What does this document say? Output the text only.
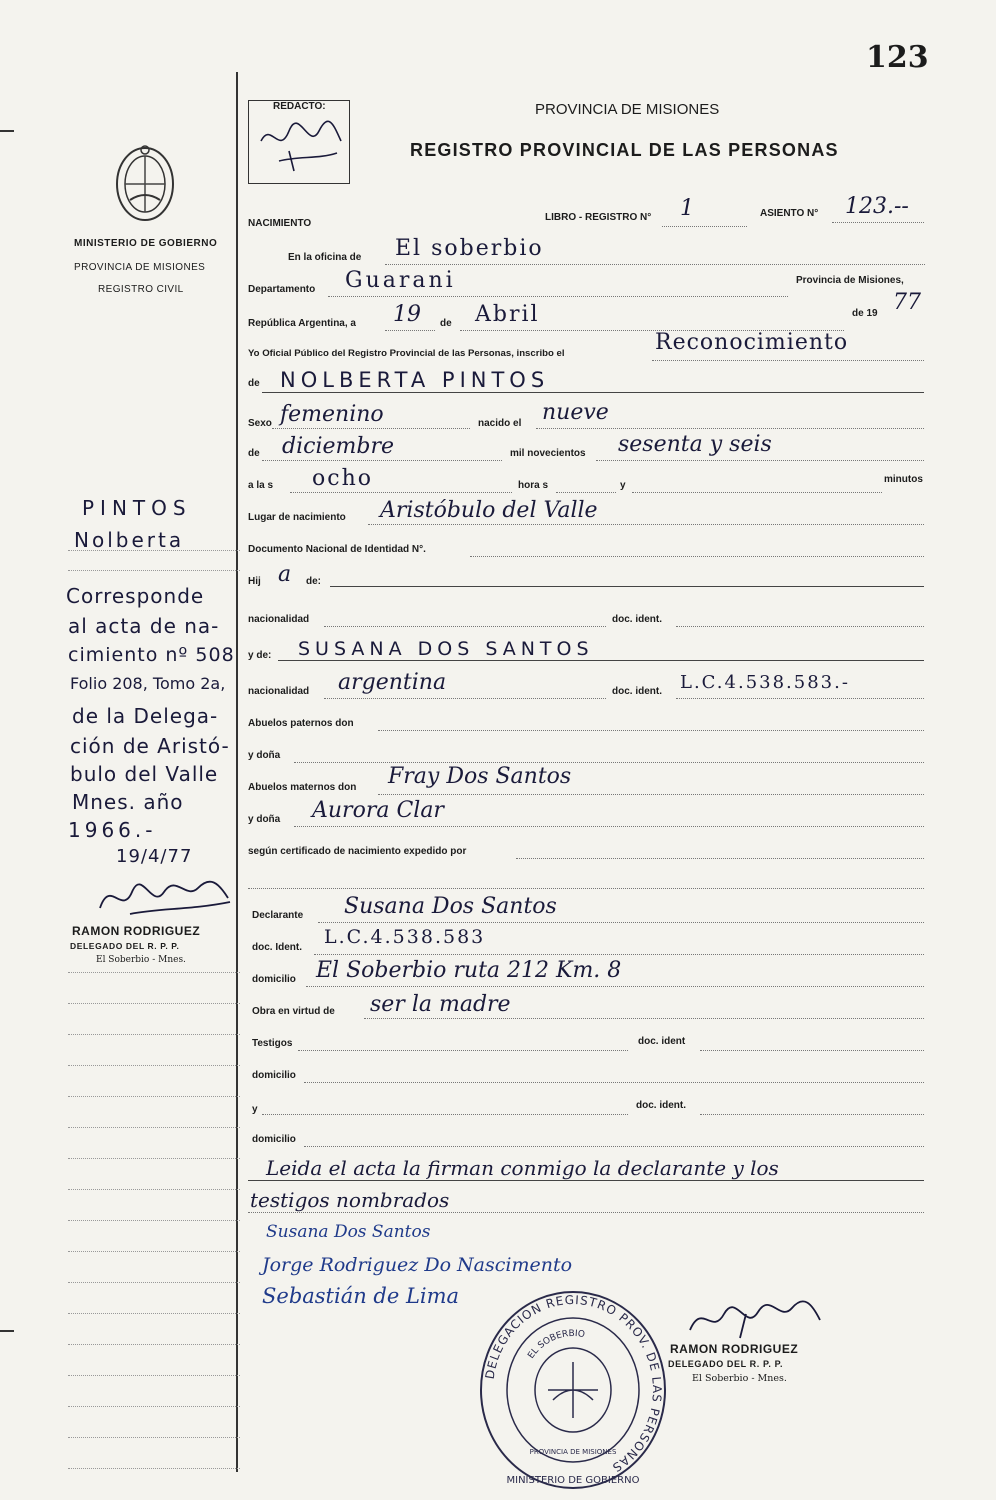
123
REDACTO:	PROVINCIA DE MISIONES
REGISTRO PROVINCIAL DE LAS PERSONAS
MINISTERIO DE GOBIERNO
PROVINCIA DE MISIONES
REGISTRO CIVIL
NACIMIENTO
LIBRO - REGISTRO N° 1	ASIENTO N° 123.--
En la oficina de El soberbio
Departamento Guarani	Provincia de Misiones,
República Argentina, a 19 de Abril	de 19 77
Yo Oficial Público del Registro Provincial de las Personas, inscribo el	Reconocimiento
de NOLBERTA PINTOS
Sexo femenino	nacido el nueve
de diciembre	mil novecientos sesenta y seis
a la s ocho	hora s	y
minutos
Lugar de nacimiento Aristóbulo del Valle
Documento Nacional de Identidad N°.
Hij a de:
nacionalidad	doc. ident.
y de: SUSANA DOS SANTOS
nacionalidad argentina	doc. ident. L.C.4.538.583.-
Abuelos paternos don
y doña
Abuelos maternos don Fray Dos Santos
y doña Aurora Clar
según certificado de nacimiento expedido por
Declarante Susana Dos Santos
doc. Ident. L.C.4.538.583
domicilio El Soberbio ruta 212 Km. 8
Obra en virtud de ser la madre
Testigos	doc. ident
domicilio
y	doc. ident.
domicilio
Leida el acta la firman conmigo la declarante y los
testigos nombrados
Susana Dos Santos
Jorge Rodriguez Do Nascimento
Sebastián de Lima
PINTOS
Nolberta
Corresponde
al acta de na-
cimiento nº 508
Folio 208, Tomo 2a,
de la Delega-
ción de Aristó-
bulo del Valle
Mnes. año
1966.-
19/4/77
RAMON RODRIGUEZ
DELEGADO DEL R. P. P.
El Soberbio - Mnes.
RAMON RODRIGUEZ
DELEGADO DEL R. P. P.
El Soberbio - Mnes.
DELEGACION REGISTRO PROV. DE LAS PERSONAS
EL SOBERBIO
MINISTERIO DE GOBIERNO
PROVINCIA DE MISIONES
